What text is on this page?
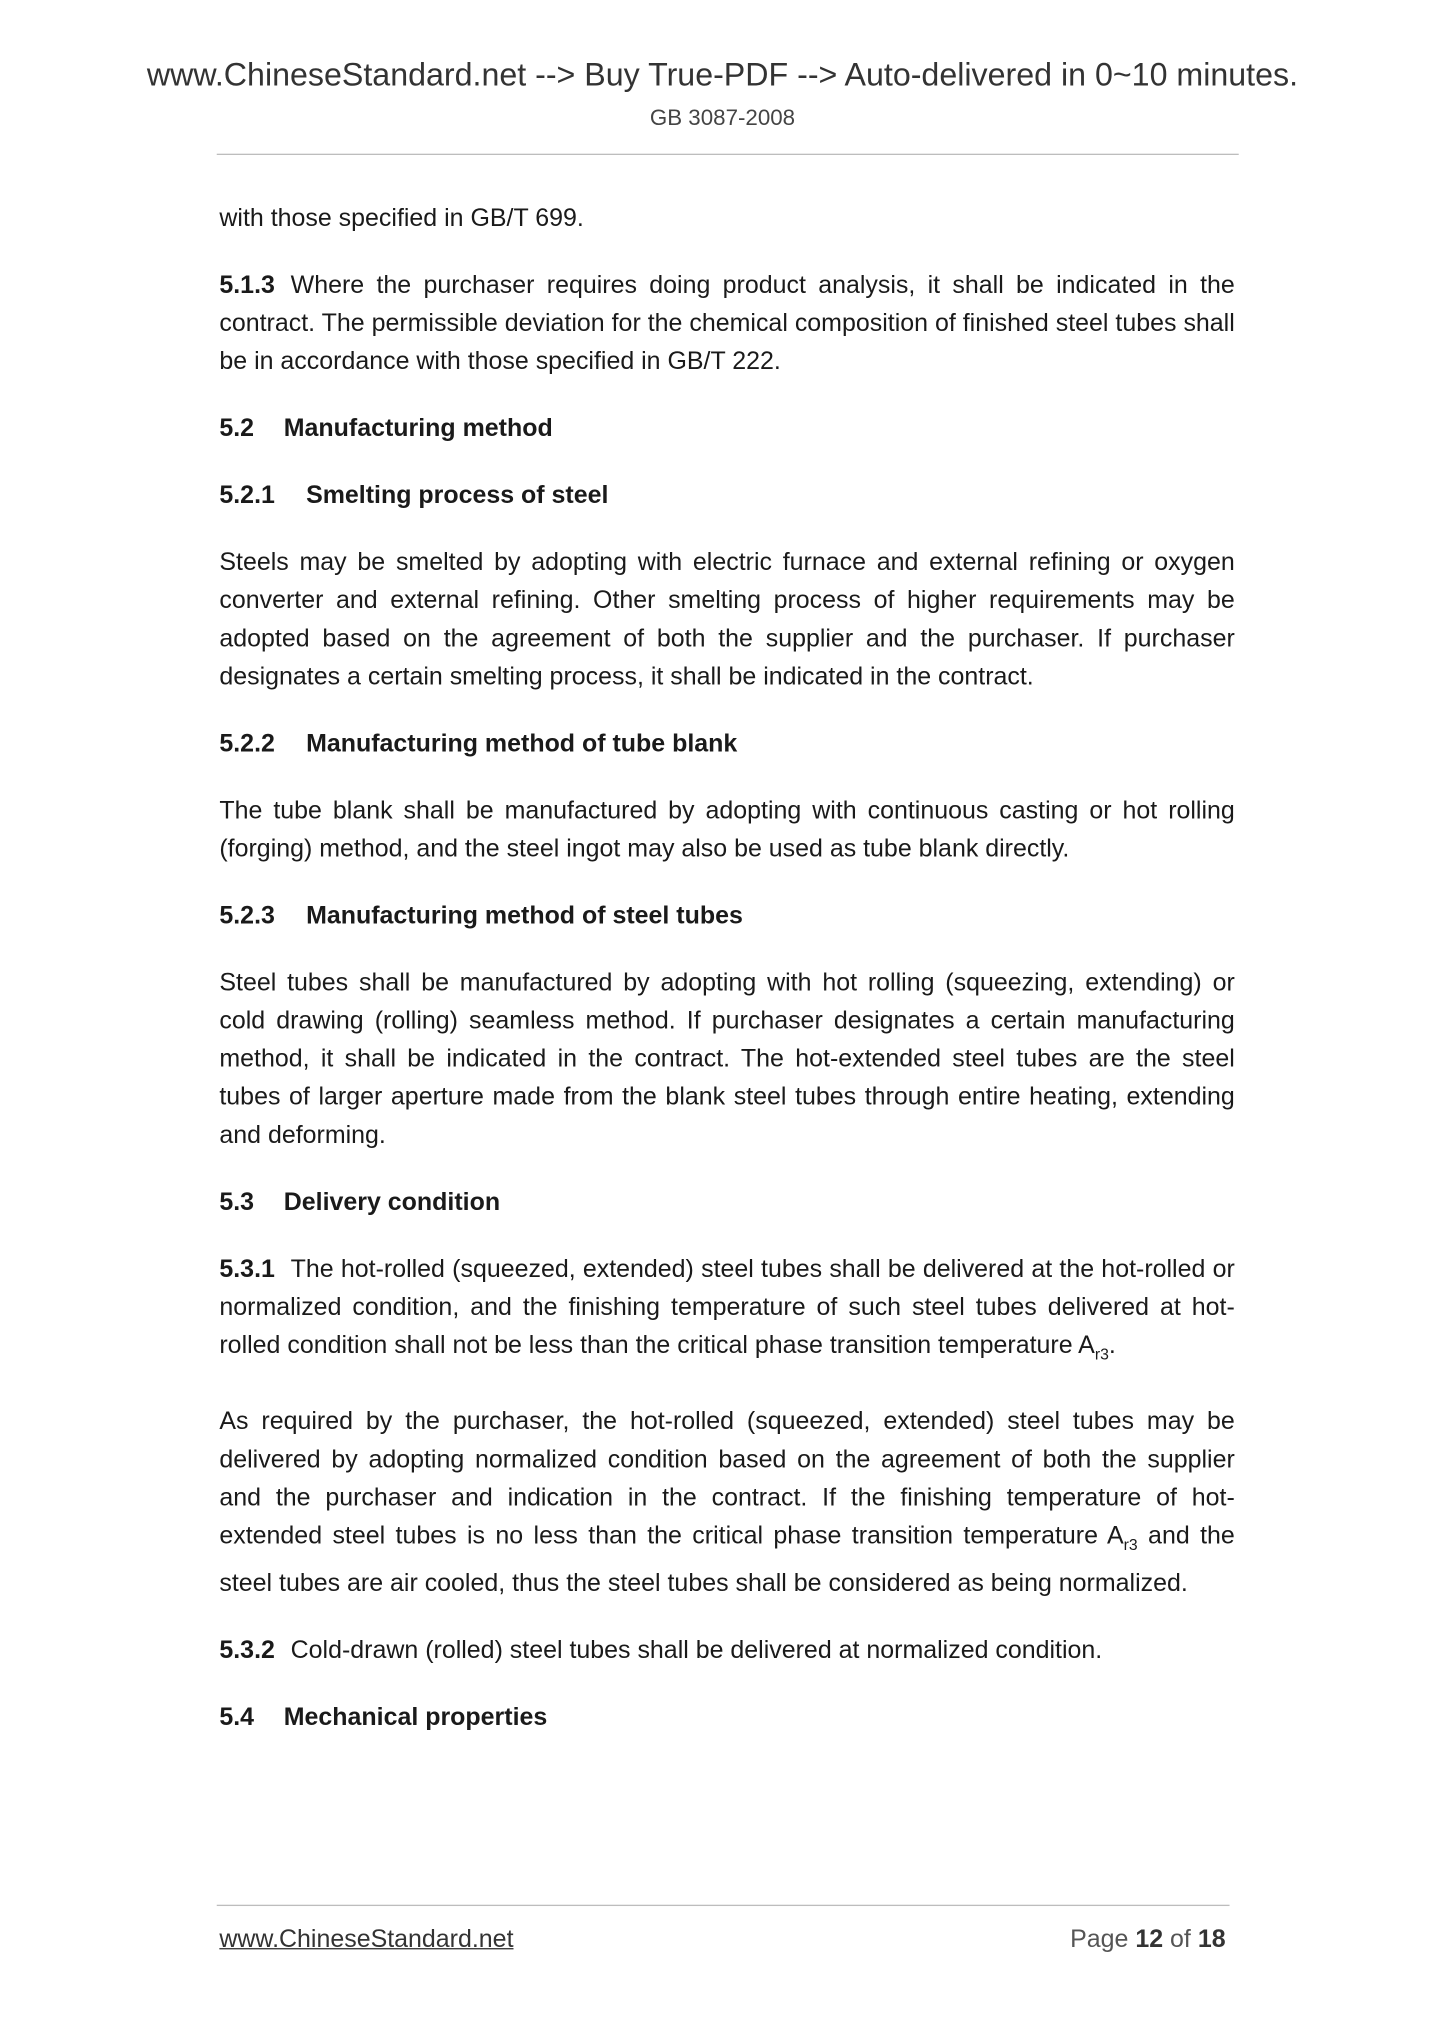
www.ChineseStandard.net --> Buy True-PDF --> Auto-delivered in 0~10 minutes.
GB 3087-2008

with those specified in GB/T 699.

5.1.3 Where the purchaser requires doing product analysis, it shall be indicated in the contract. The permissible deviation for the chemical composition of finished steel tubes shall be in accordance with those specified in GB/T 222.

5.2 Manufacturing method
5.2.1 Smelting process of steel

Steels may be smelted by adopting with electric furnace and external refining or oxygen converter and external refining. Other smelting process of higher requirements may be adopted based on the agreement of both the supplier and the purchaser. If purchaser designates a certain smelting process, it shall be indicated in the contract.

5.2.2 Manufacturing method of tube blank

The tube blank shall be manufactured by adopting with continuous casting or hot rolling (forging) method, and the steel ingot may also be used as tube blank directly.

5.2.3 Manufacturing method of steel tubes

Steel tubes shall be manufactured by adopting with hot rolling (squeezing, extending) or cold drawing (rolling) seamless method. If purchaser designates a certain manufacturing method, it shall be indicated in the contract. The hot-extended steel tubes are the steel tubes of larger aperture made from the blank steel tubes through entire heating, extending and deforming.

5.3 Delivery condition

5.3.1 The hot-rolled (squeezed, extended) steel tubes shall be delivered at the hot-rolled or normalized condition, and the finishing temperature of such steel tubes delivered at hot-rolled condition shall not be less than the critical phase transition temperature $A_{r3}$.

As required by the purchaser, the hot-rolled (squeezed, extended) steel tubes may be delivered by adopting normalized condition based on the agreement of both the supplier and the purchaser and indication in the contract. If the finishing temperature of hot-extended steel tubes is no less than the critical phase transition temperature $A_{r3}$ and the steel tubes are air cooled, thus the steel tubes shall be considered as being normalized.

5.3.2 Cold-drawn (rolled) steel tubes shall be delivered at normalized condition.

5.4 Mechanical properties
www.ChineseStandard.net	Page 12 of 18
